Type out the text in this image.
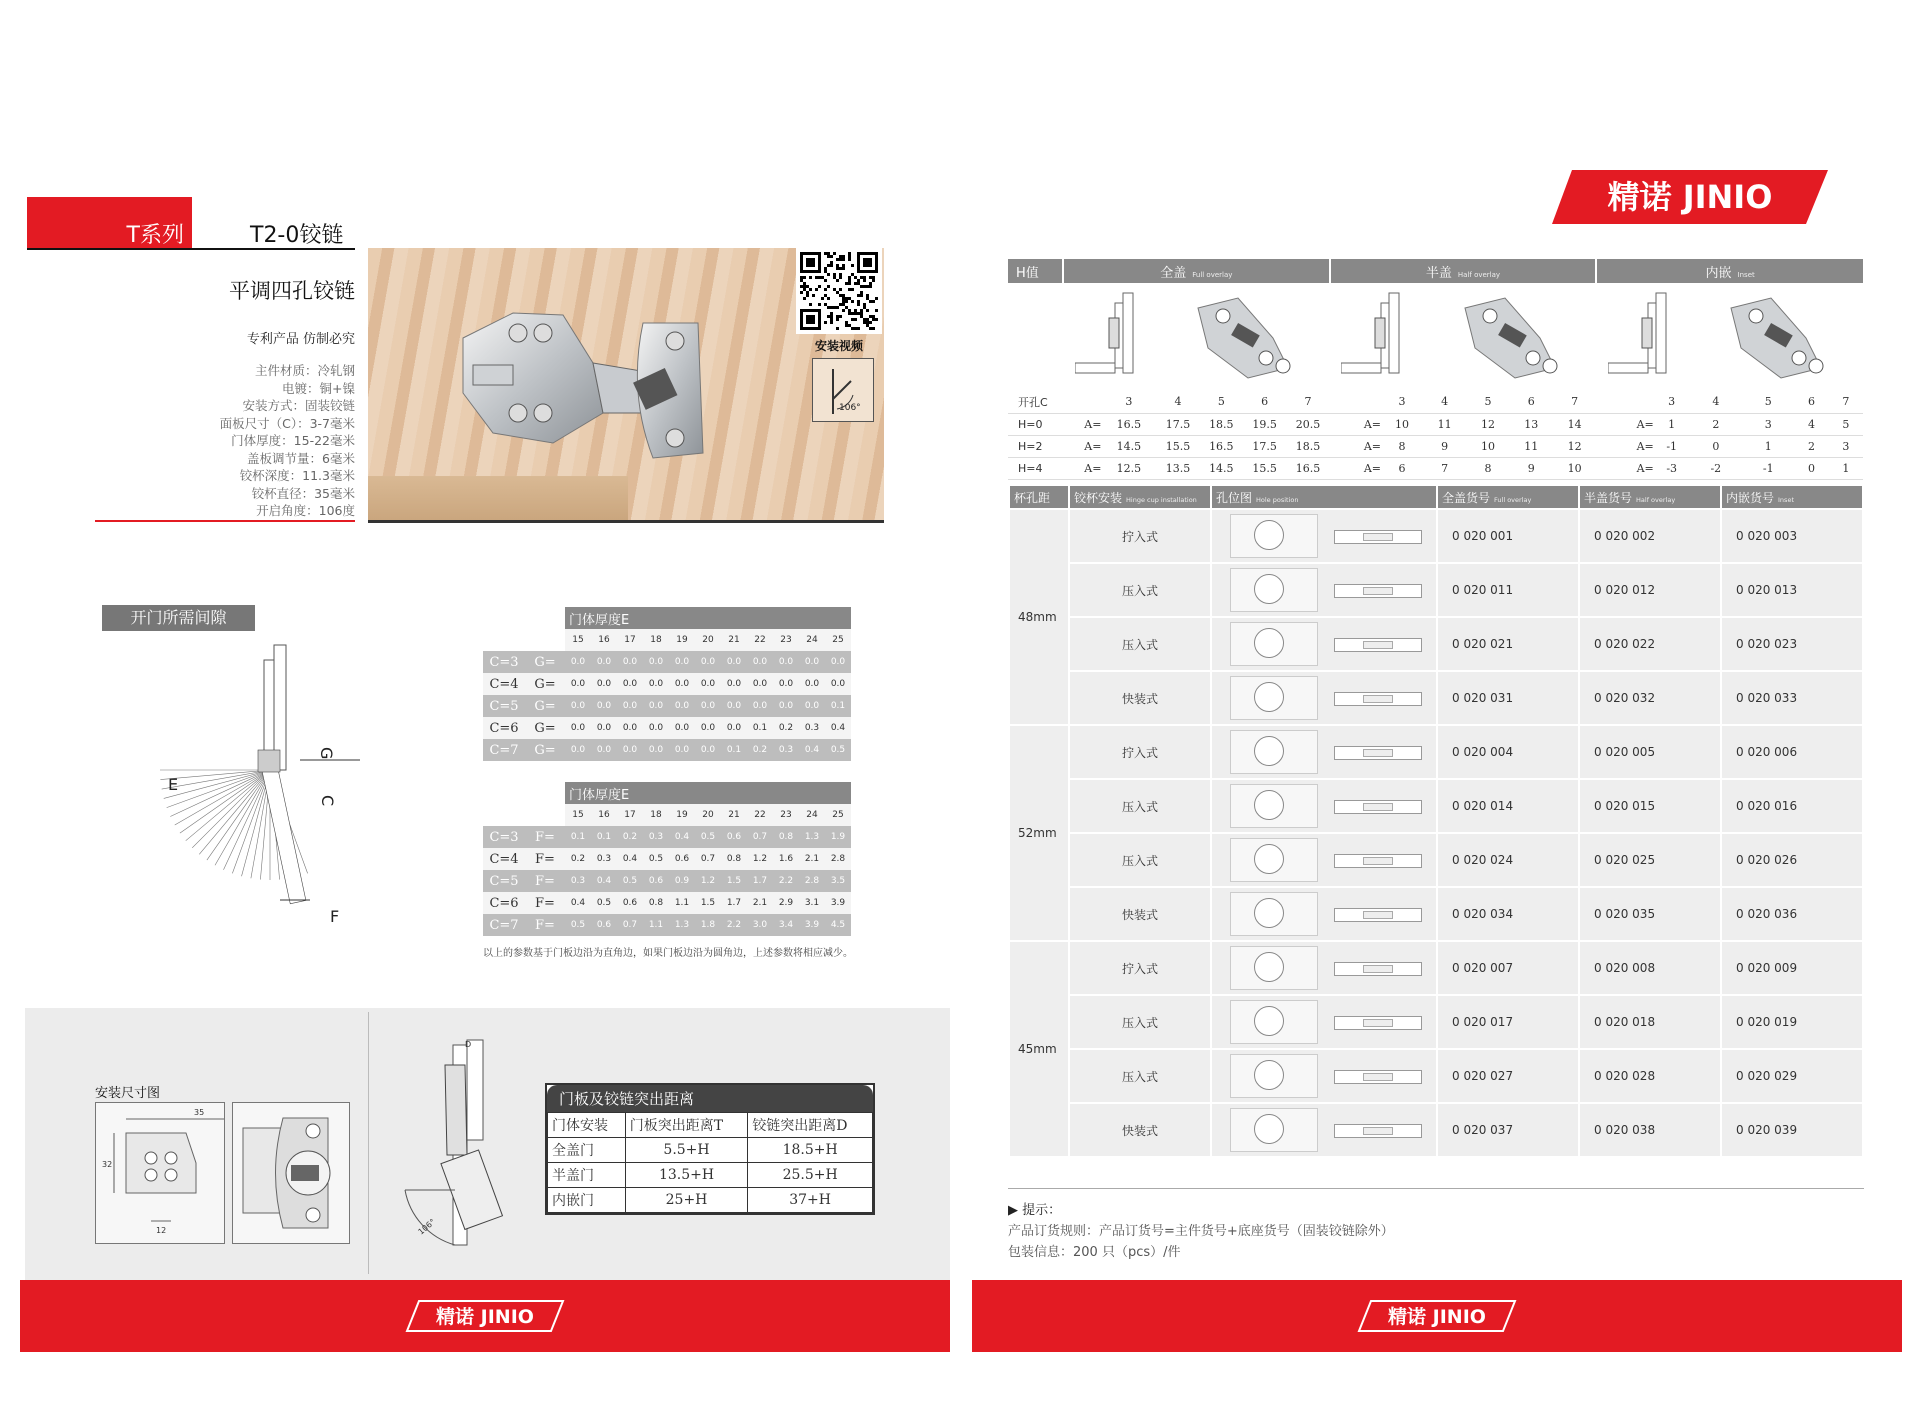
T系列	T2-0铰链
平调四孔铰链
专利产品 仿制必究
主件材质：冷轧钢
电镀：铜+镍
安装方式：固装铰链
面板尺寸（C）：3-7毫米
门体厚度：15-22毫米
盖板调节量：6毫米
铰杯深度：11.3毫米
铰杯直径：35毫米
开启角度：106度
106°
安装视频
开门所需间隙
E
G
C
F
		门体厚度E										
		15	16	17	18	19	20	21	22	23	24	25
C=3	G=	0.0	0.0	0.0	0.0	0.0	0.0	0.0	0.0	0.0	0.0	0.0
C=4	G=	0.0	0.0	0.0	0.0	0.0	0.0	0.0	0.0	0.0	0.0	0.0
C=5	G=	0.0	0.0	0.0	0.0	0.0	0.0	0.0	0.0	0.0	0.0	0.1
C=6	G=	0.0	0.0	0.0	0.0	0.0	0.0	0.0	0.1	0.2	0.3	0.4
C=7	G=	0.0	0.0	0.0	0.0	0.0	0.0	0.1	0.2	0.3	0.4	0.5
		门体厚度E										
		15	16	17	18	19	20	21	22	23	24	25
C=3	F=	0.1	0.1	0.2	0.3	0.4	0.5	0.6	0.7	0.8	1.3	1.9
C=4	F=	0.2	0.3	0.4	0.5	0.6	0.7	0.8	1.2	1.6	2.1	2.8
C=5	F=	0.3	0.4	0.5	0.6	0.9	1.2	1.5	1.7	2.2	2.8	3.5
C=6	F=	0.4	0.5	0.6	0.8	1.1	1.5	1.7	2.1	2.9	3.1	3.9
C=7	F=	0.5	0.6	0.7	1.1	1.3	1.8	2.2	3.0	3.4	3.9	4.5
以上的参数基于门板边沿为直角边，如果门板边沿为圆角边，上述参数将相应减少。
安装尺寸图
35
32
12
D
106°
门板及铰链突出距离
门体安装	门板突出距离T	铰链突出距离D
全盖门	5.5+H	18.5+H
半盖门	13.5+H	25.5+H
内嵌门	25+H	37+H
精诺 JINIO
精诺 JINIO
H值	全盖 Full overlay						半盖 Half overlay						内嵌 Inset					

开孔C		3	4	5	6	7		3	4	5	6	7		3	4	5	6	7
H=0	A=	16.5	17.5	18.5	19.5	20.5	A=	10	11	12	13	14	A=	1	2	3	4	5
H=2	A=	14.5	15.5	16.5	17.5	18.5	A=	8	9	10	11	12	A=	-1	0	1	2	3
H=4	A=	12.5	13.5	14.5	15.5	16.5	A=	6	7	8	9	10	A=	-3	-2	-1	0	1
杯孔距	铰杯安装 Hinge cup installation	孔位图 Hole position	全盖货号 Full overlay	半盖货号 Half overlay	内嵌货号 Inset
48mm	拧入式		0 020 001	0 020 002	0 020 003
	压入式		0 020 011	0 020 012	0 020 013
	压入式		0 020 021	0 020 022	0 020 023
	快装式		0 020 031	0 020 032	0 020 033
52mm	拧入式		0 020 004	0 020 005	0 020 006
	压入式		0 020 014	0 020 015	0 020 016
	压入式		0 020 024	0 020 025	0 020 026
	快装式		0 020 034	0 020 035	0 020 036
45mm	拧入式		0 020 007	0 020 008	0 020 009
	压入式		0 020 017	0 020 018	0 020 019
	压入式		0 020 027	0 020 028	0 020 029
	快装式		0 020 037	0 020 038	0 020 039
▶ 提示：
产品订货规则：产品订货号=主件货号+底座货号（固装铰链除外）
包装信息：200 只（pcs）/件
精诺 JINIO
